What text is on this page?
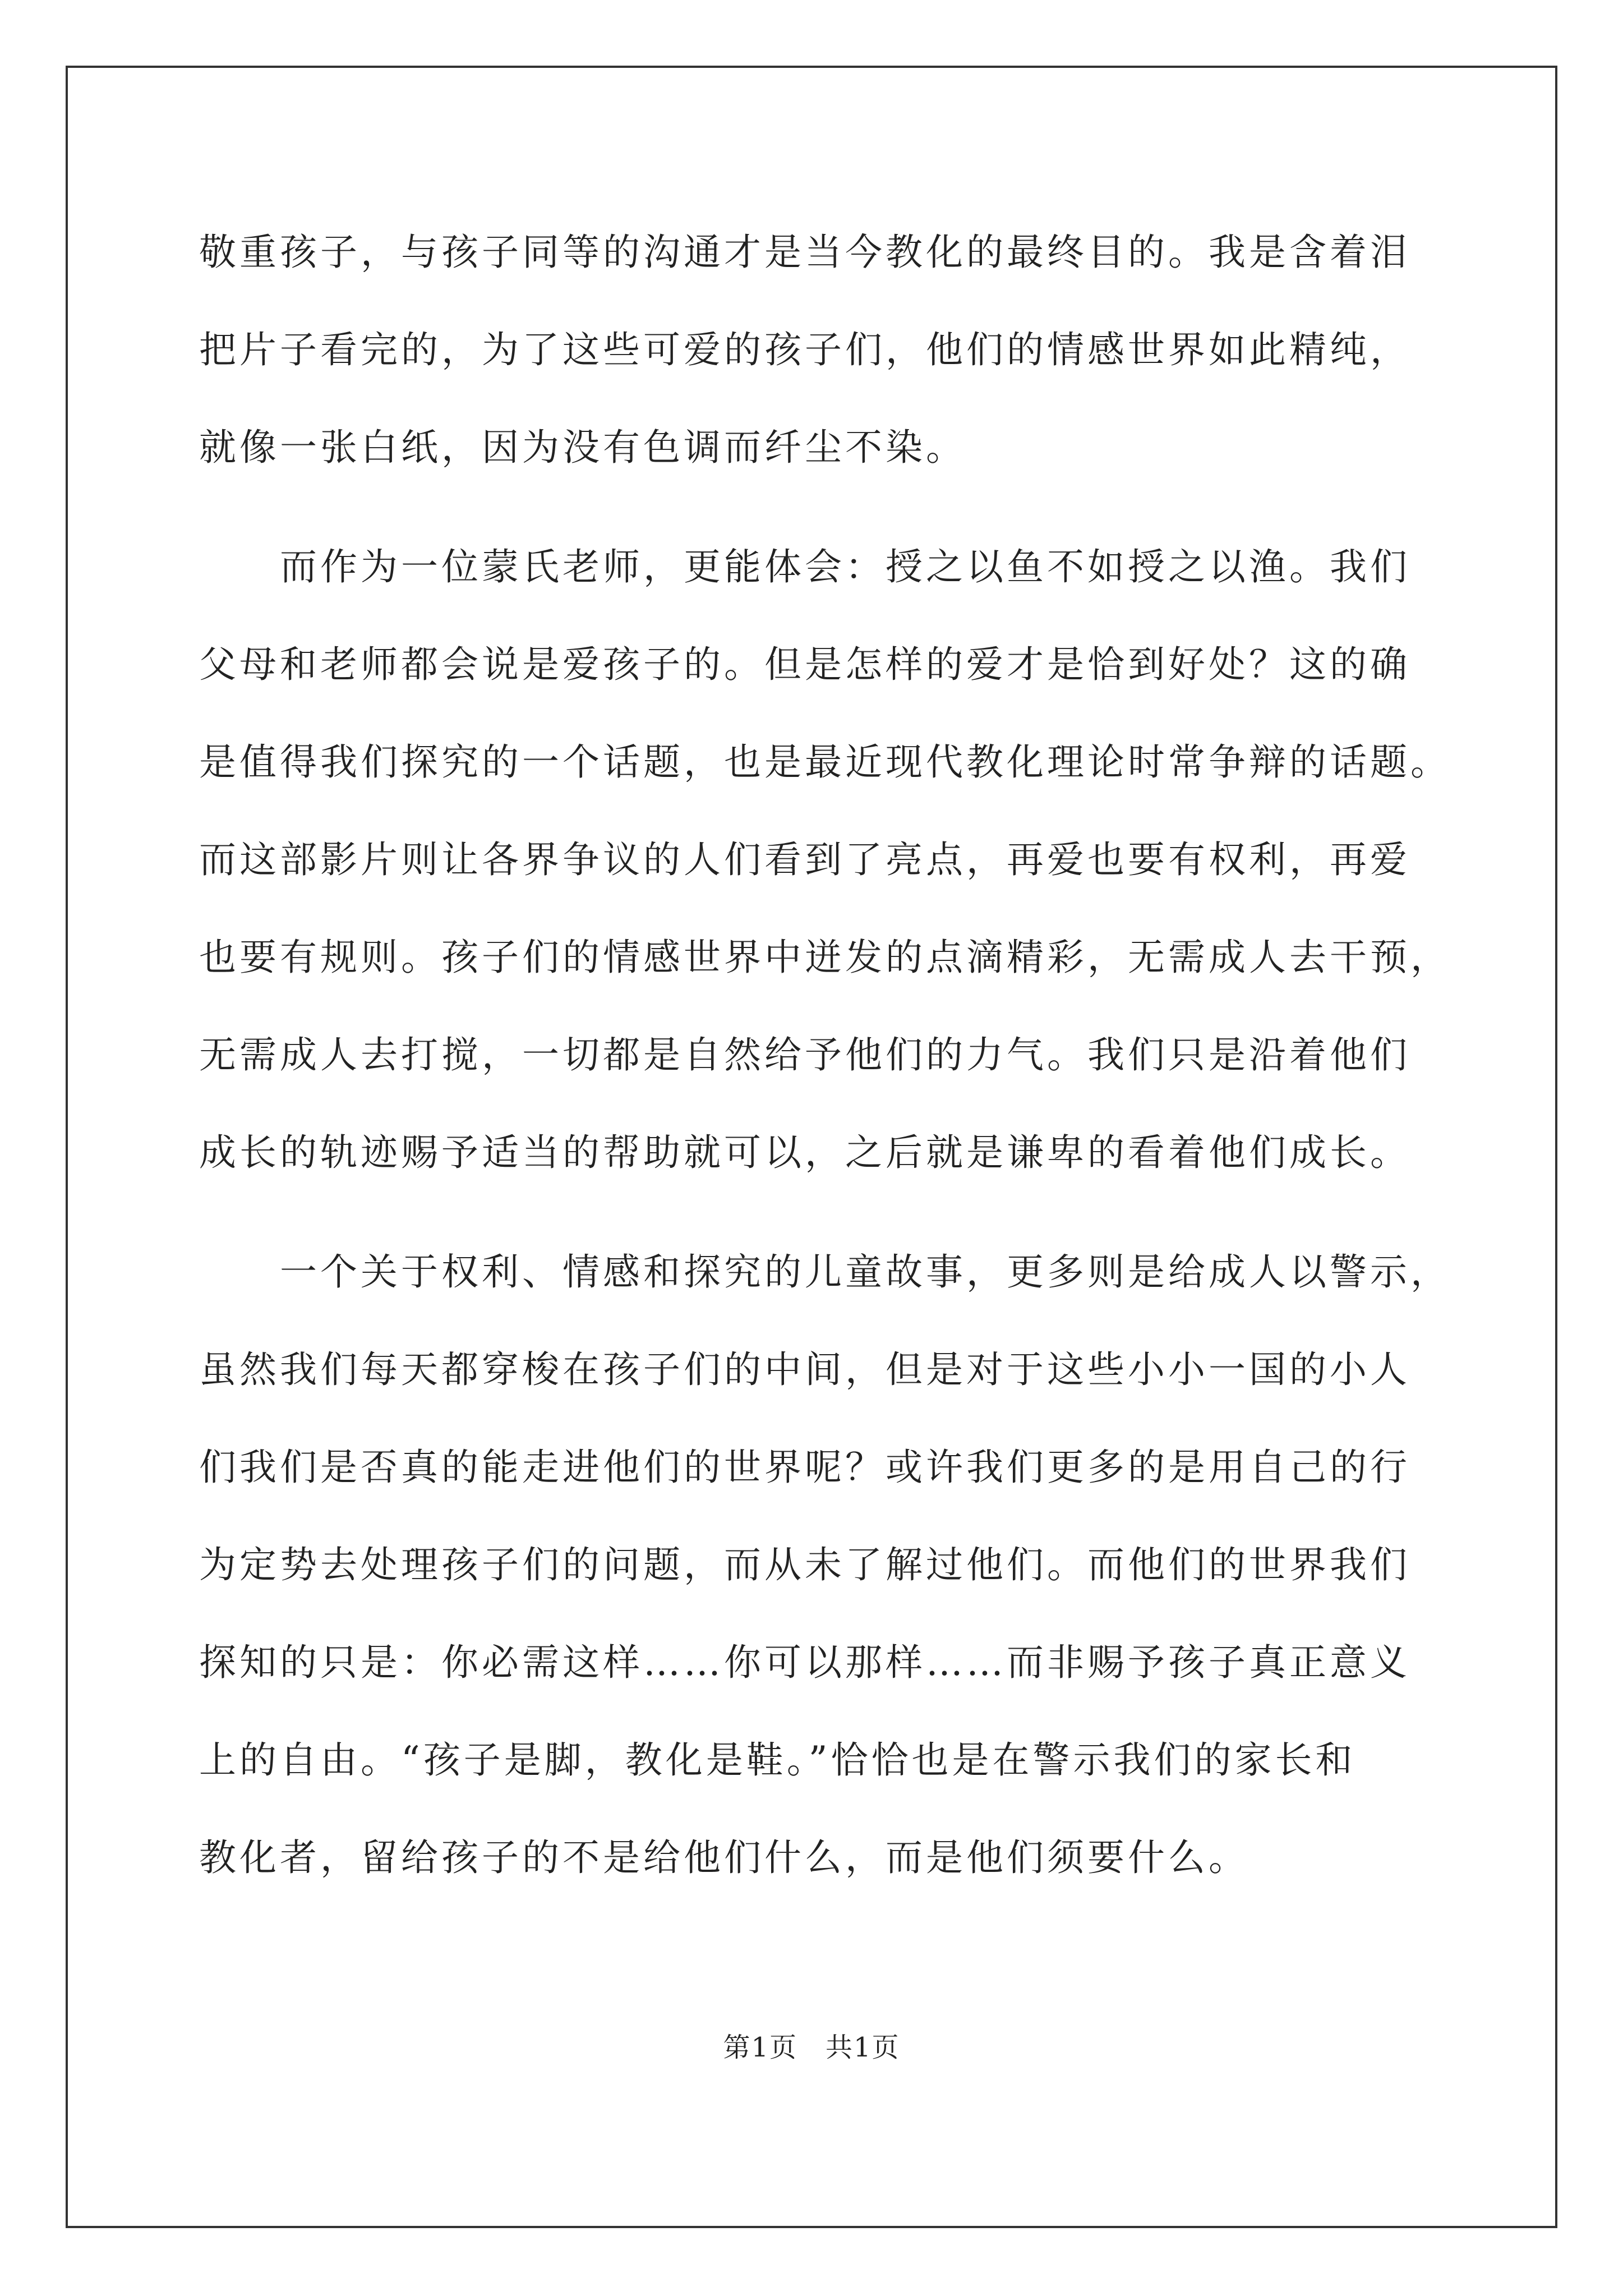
敬重孩子，与孩子同等的沟通才是当今教化的最终目的。我是含着泪
把片子看完的，为了这些可爱的孩子们，他们的情感世界如此精纯，
就像一张白纸，因为没有色调而纤尘不染。
　　而作为一位蒙氏老师，更能体会：授之以鱼不如授之以渔。我们
父母和老师都会说是爱孩子的。但是怎样的爱才是恰到好处？这的确
是值得我们探究的一个话题，也是最近现代教化理论时常争辩的话题。
而这部影片则让各界争议的人们看到了亮点，再爱也要有权利，再爱
也要有规则。孩子们的情感世界中迸发的点滴精彩，无需成人去干预，
无需成人去打搅，一切都是自然给予他们的力气。我们只是沿着他们
成长的轨迹赐予适当的帮助就可以，之后就是谦卑的看着他们成长。
　　一个关于权利、情感和探究的儿童故事，更多则是给成人以警示，
虽然我们每天都穿梭在孩子们的中间，但是对于这些小小一国的小人
们我们是否真的能走进他们的世界呢？或许我们更多的是用自己的行
为定势去处理孩子们的问题，而从未了解过他们。而他们的世界我们
探知的只是：你必需这样……你可以那样……而非赐予孩子真正意义
上的自由。“孩子是脚，教化是鞋。”恰恰也是在警示我们的家长和
教化者，留给孩子的不是给他们什么，而是他们须要什么。
第1页　共1页
